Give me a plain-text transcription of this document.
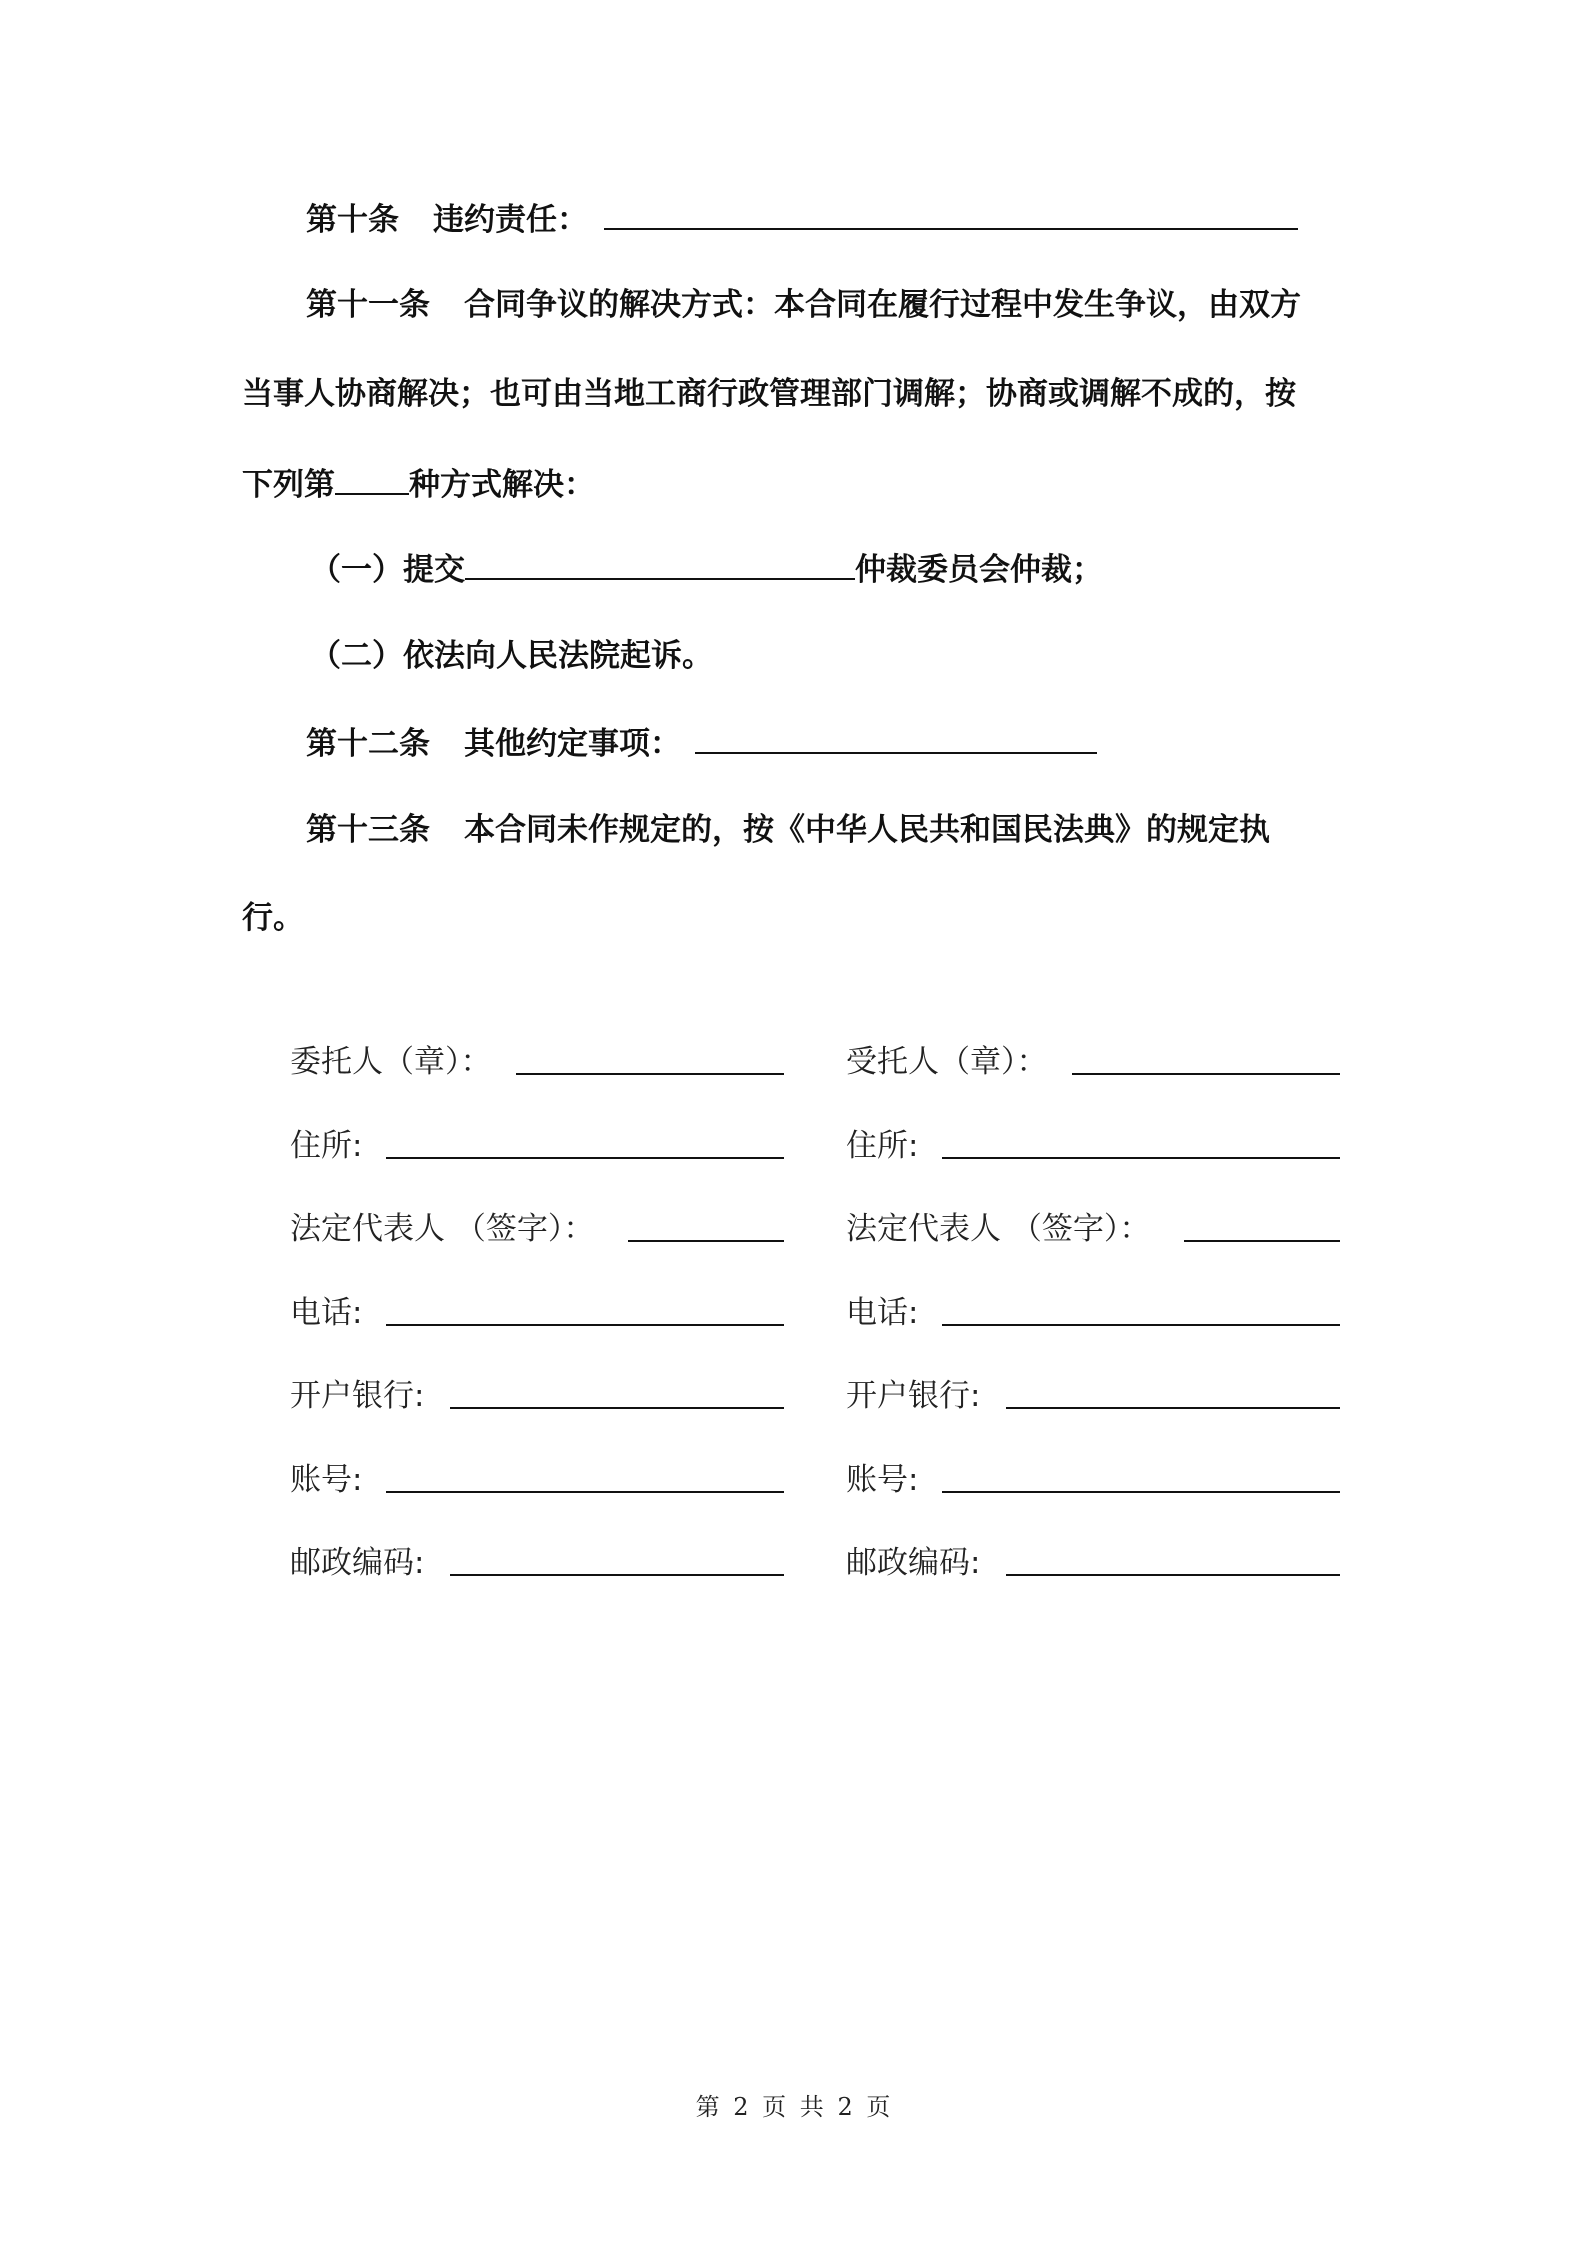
第十条 违约责任：
第十一条 合同争议的解决方式：本合同在履行过程中发生争议，由双方
当事人协商解决；也可由当地工商行政管理部门调解；协商或调解不成的，按
下列第 种方式解决：
（一）提交	仲裁委员会仲裁；
（二）依法向人民法院起诉。
第十二条 其他约定事项：
第十三条 本合同未作规定的，按《中华人民共和国民法典》的规定执
行。
委托人（章）：
住所:
法定代表人 （签字）：
电话:
开户银行:
账号:
邮政编码:
受托人（章）：
住所:
法定代表人 （签字）：
电话:
开户银行:
账号:
邮政编码:
第 2 页 共 2 页
